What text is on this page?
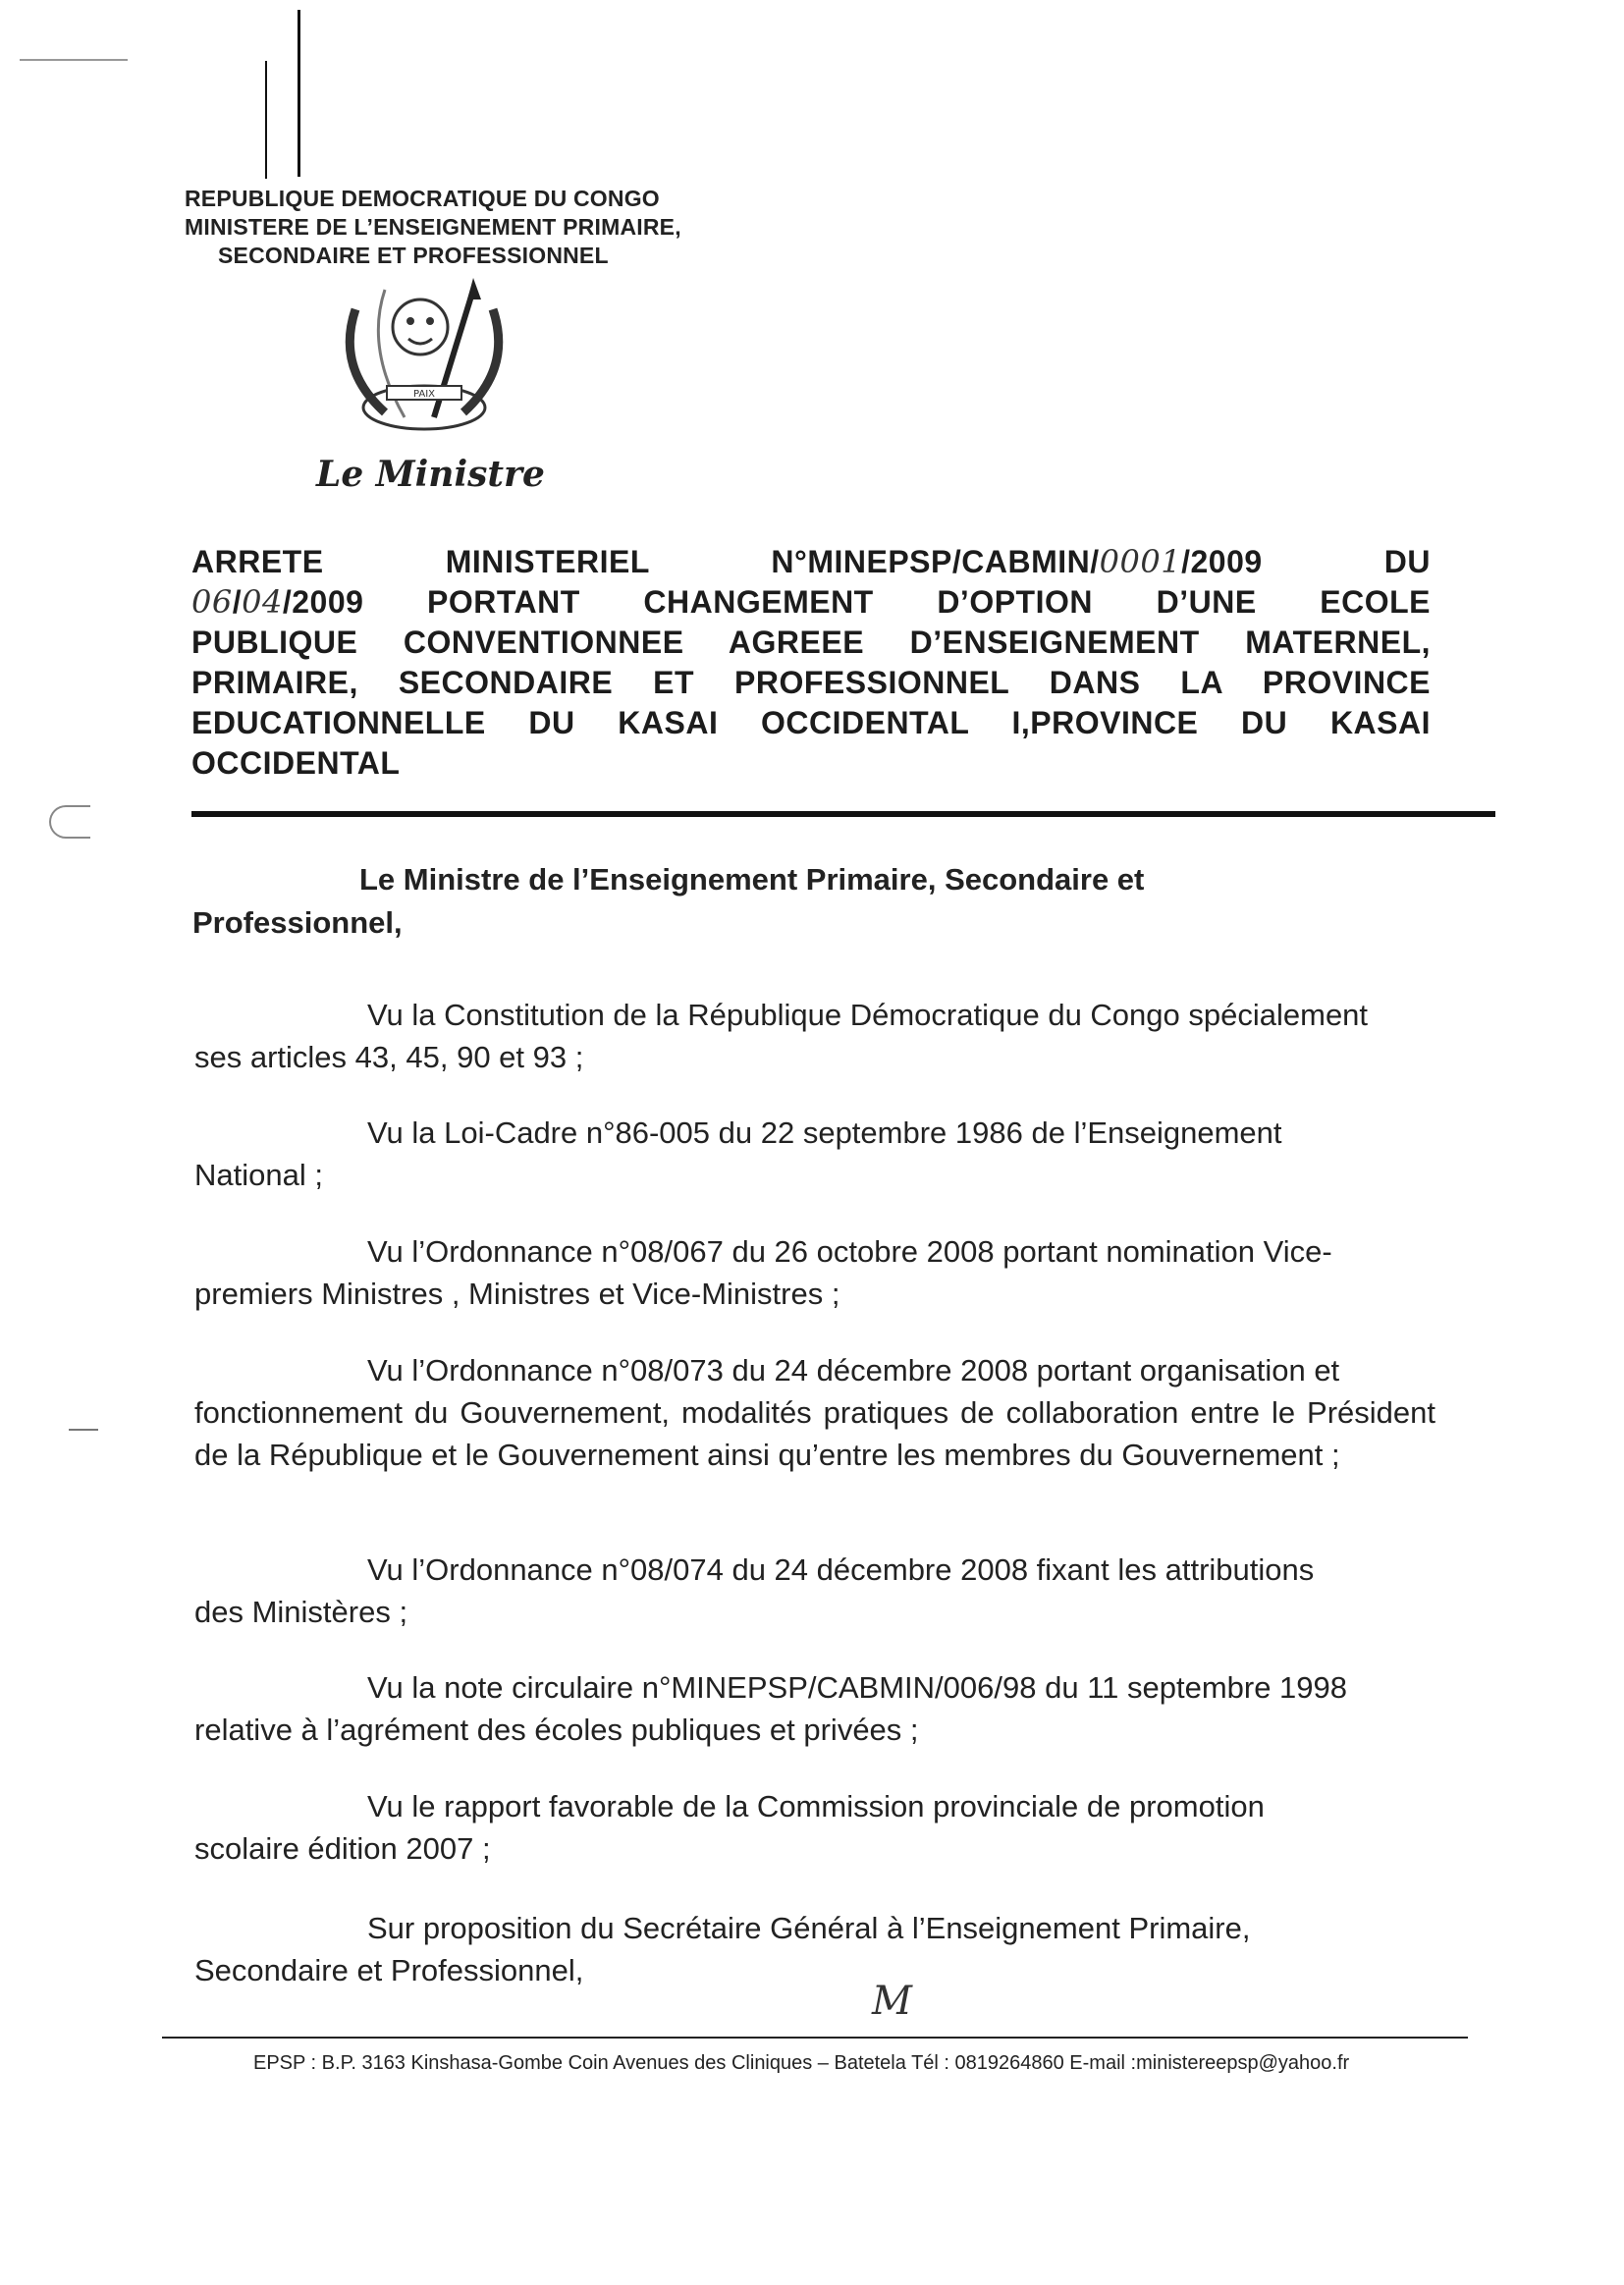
REPUBLIQUE DEMOCRATIQUE DU CONGO
MINISTERE DE L’ENSEIGNEMENT PRIMAIRE,
SECONDAIRE ET PROFESSIONNEL
PAIX
Le Ministre
ARRETE MINISTERIEL N°MINEPSP/CABMIN/0001/2009 DU
06/04/2009 PORTANT CHANGEMENT D’OPTION D’UNE ECOLE
PUBLIQUE CONVENTIONNEE AGREEE D’ENSEIGNEMENT MATERNEL,
PRIMAIRE, SECONDAIRE ET PROFESSIONNEL DANS LA PROVINCE
EDUCATIONNELLE DU KASAI OCCIDENTAL I,PROVINCE DU KASAI
OCCIDENTAL
Le Ministre de l’Enseignement Primaire, Secondaire et
Professionnel,
Vu la Constitution de la République Démocratique du Congo spécialement
ses articles 43, 45, 90 et 93 ;
Vu la Loi-Cadre n°86-005 du 22 septembre 1986 de l’Enseignement
National ;
Vu l’Ordonnance n°08/067 du 26 octobre 2008 portant nomination Vice-
premiers Ministres , Ministres et Vice-Ministres ;
Vu l’Ordonnance n°08/073 du 24 décembre 2008 portant organisation et
fonctionnement du Gouvernement, modalités pratiques de collaboration entre le Président de la République et le Gouvernement ainsi qu’entre les membres du Gouvernement ;
Vu l’Ordonnance n°08/074 du 24 décembre 2008 fixant les attributions
des Ministères ;
Vu la note circulaire n°MINEPSP/CABMIN/006/98 du 11 septembre 1998
relative à l’agrément des écoles publiques et privées ;
Vu le rapport favorable de la Commission provinciale de promotion
scolaire édition 2007 ;
Sur proposition du Secrétaire Général à l’Enseignement Primaire,
Secondaire et Professionnel,
M
EPSP : B.P. 3163 Kinshasa-Gombe Coin Avenues des Cliniques – Batetela Tél : 0819264860 E-mail :ministereepsp@yahoo.fr
